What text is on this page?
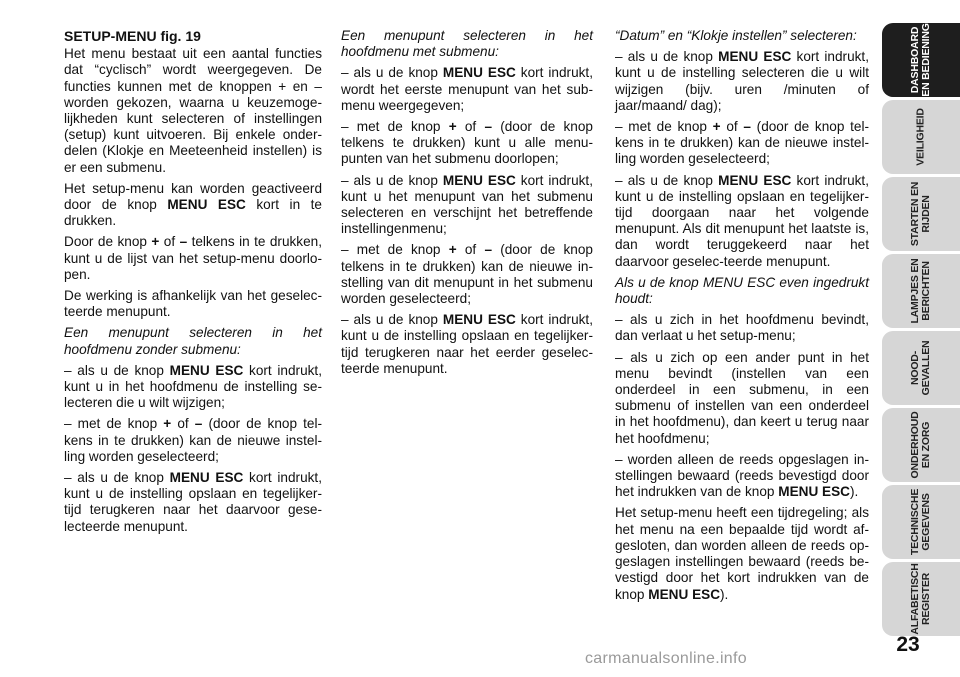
SETUP-MENU fig. 19

Het menu bestaat uit een aantal functies dat “cyclisch” wordt weergegeven. De functies kunnen met de knoppen + en – worden gekozen, waarna u keuzemoge-lijkheden kunt selecteren of instellingen (setup) kunt uitvoeren. Bij enkele onder-delen (Klokje en Meeteenheid instellen) is er een submenu.

Het setup-menu kan worden geactiveerd door de knop MENU ESC kort in te drukken.

Door de knop + of – telkens in te drukken, kunt u de lijst van het setup-menu doorlo-pen.

De werking is afhankelijk van het geselec-teerde menupunt.

Een menupunt selecteren in het hoofdmenu zonder submenu:

– als u de knop MENU ESC kort indrukt, kunt u in het hoofdmenu de instelling se-lecteren die u wilt wijzigen;

– met de knop + of – (door de knop tel-kens in te drukken) kan de nieuwe instel-ling worden geselecteerd;

– als u de knop MENU ESC kort indrukt, kunt u de instelling opslaan en tegelijker-tijd terugkeren naar het daarvoor gese-lecteerde menupunt.

Een menupunt selecteren in het hoofdmenu met submenu:

– als u de knop MENU ESC kort indrukt, wordt het eerste menupunt van het sub-menu weergegeven;

– met de knop + of – (door de knop telkens te drukken) kunt u alle menu-punten van het submenu doorlopen;

– als u de knop MENU ESC kort indrukt, kunt u het menupunt van het submenu selecteren en verschijnt het betreffende instellingenmenu;

– met de knop + of – (door de knop telkens in te drukken) kan de nieuwe in-stelling van dit menupunt in het submenu worden geselecteerd;

– als u de knop MENU ESC kort indrukt, kunt u de instelling opslaan en tegelijker-tijd terugkeren naar het eerder geselec-teerde menupunt.

“Datum” en “Klokje instellen” selecteren:

– als u de knop MENU ESC kort indrukt, kunt u de instelling selecteren die u wilt wijzigen (bijv. uren /minuten of jaar/maand/ dag);

– met de knop + of – (door de knop tel-kens in te drukken) kan de nieuwe instel-ling worden geselecteerd;

– als u de knop MENU ESC kort indrukt, kunt u de instelling opslaan en tegelijker-tijd doorgaan naar het volgende menupunt. Als dit menupunt het laatste is, dan wordt teruggekeerd naar het daarvoor geselec-teerde menupunt.

Als u de knop MENU ESC even ingedrukt houdt:

– als u zich in het hoofdmenu bevindt, dan verlaat u het setup-menu;

– als u zich op een ander punt in het menu bevindt (instellen van een onderdeel in een submenu, in een submenu of instellen van een onderdeel in het hoofdmenu), dan keert u terug naar het hoofdmenu;

– worden alleen de reeds opgeslagen in-stellingen bewaard (reeds bevestigd door het indrukken van de knop MENU ESC).

Het setup-menu heeft een tijdregeling; als het menu na een bepaalde tijd wordt af-gesloten, dan worden alleen de reeds op-geslagen instellingen bewaard (reeds be-vestigd door het kort indrukken van de knop MENU ESC).

DASHBOARD EN BEDIENING
VEILIGHEID
STARTEN EN RIJDEN
LAMPJES EN BERICHTEN
NOOD- GEVALLEN
ONDERHOUD EN ZORG
TECHNISCHE GEGEVENS
ALFABETISCH REGISTER
23
carmanualsonline.info
